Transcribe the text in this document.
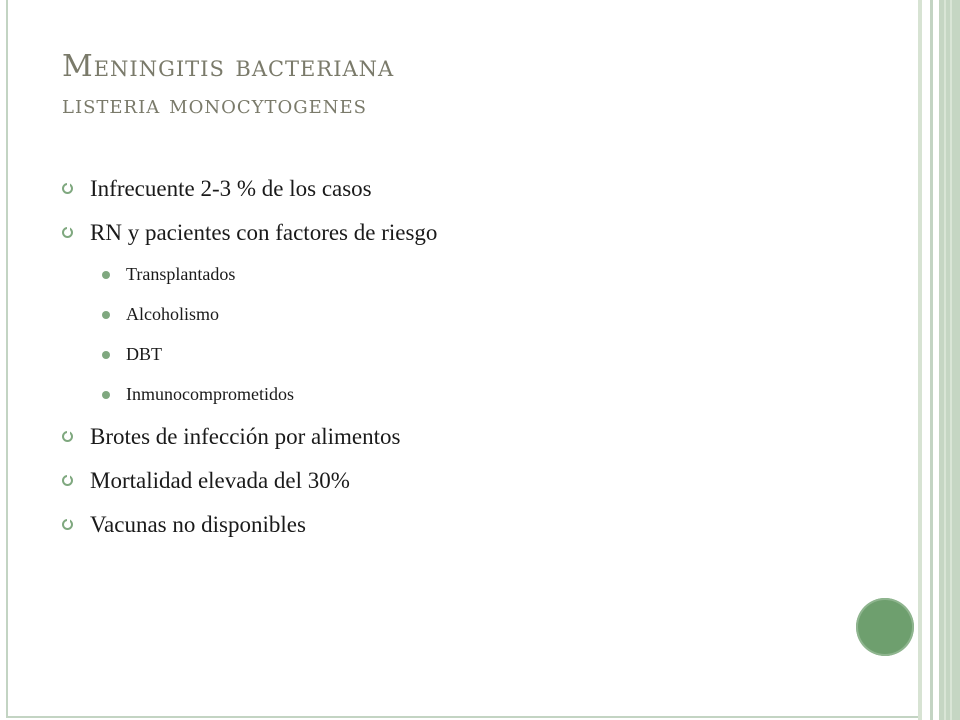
Meningitis bacteriana
listeria monocytogenes
Infrecuente 2-3 % de los casos
RN y pacientes con factores de riesgo
Transplantados
Alcoholismo
DBT
Inmunocomprometidos
Brotes de infección por alimentos
Mortalidad elevada del 30%
Vacunas no disponibles
